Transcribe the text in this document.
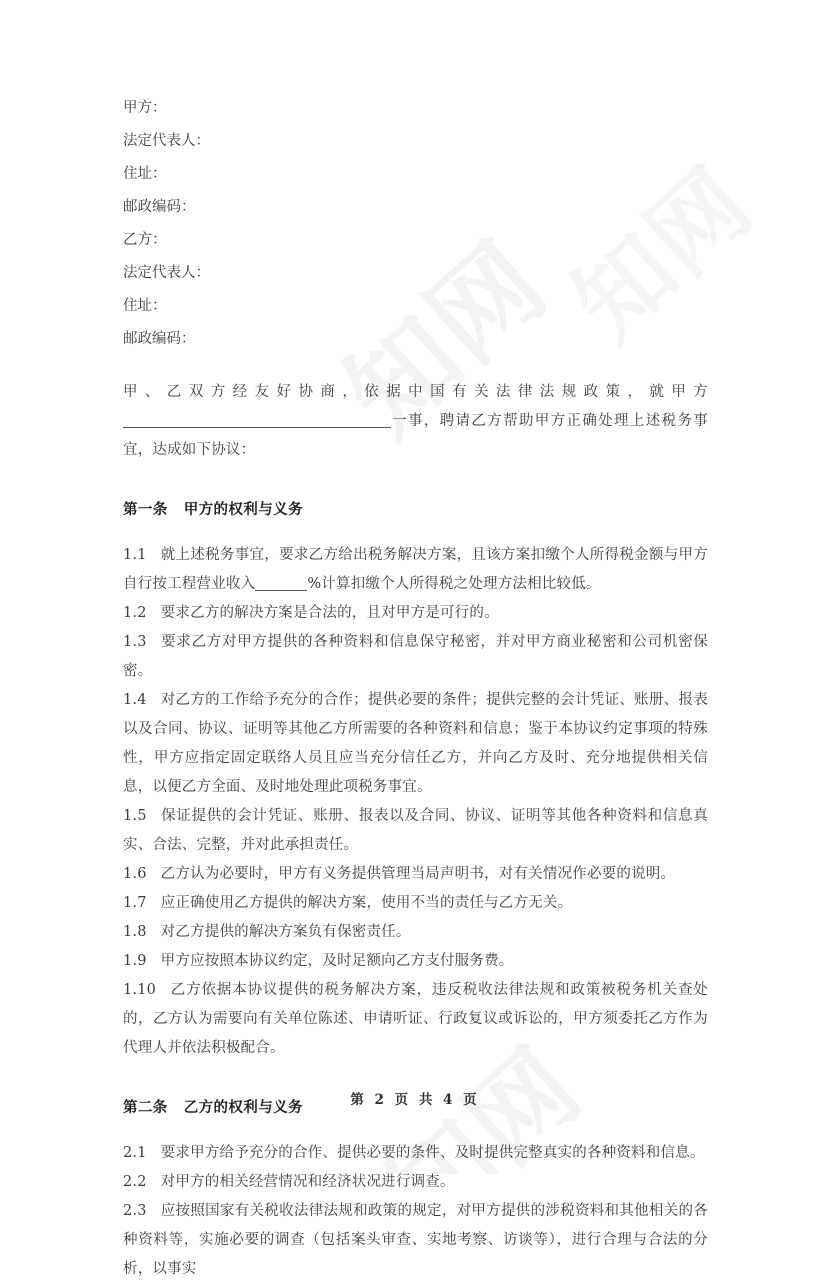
甲方：
法定代表人：
住址：
邮政编码：
乙方：
法定代表人：
住址：
邮政编码：
甲、乙双方经友好协商，依据中国有关法律法规政策，就甲方一事，聘请乙方帮助甲方正确处理上述税务事宜，达成如下协议：
第一条 甲方的权利与义务
1.1 就上述税务事宜，要求乙方给出税务解决方案，且该方案扣缴个人所得税金额与甲方自行按工程营业收入	%计算扣缴个人所得税之处理方法相比较低。
1.2 要求乙方的解决方案是合法的，且对甲方是可行的。
1.3 要求乙方对甲方提供的各种资料和信息保守秘密，并对甲方商业秘密和公司机密保密。
1.4 对乙方的工作给予充分的合作；提供必要的条件；提供完整的会计凭证、账册、报表以及合同、协议、证明等其他乙方所需要的各种资料和信息；鉴于本协议约定事项的特殊性，甲方应指定固定联络人员且应当充分信任乙方，并向乙方及时、充分地提供相关信息，以便乙方全面、及时地处理此项税务事宜。
1.5 保证提供的会计凭证、账册、报表以及合同、协议、证明等其他各种资料和信息真实、合法、完整，并对此承担责任。
1.6 乙方认为必要时，甲方有义务提供管理当局声明书，对有关情况作必要的说明。
1.7 应正确使用乙方提供的解决方案，使用不当的责任与乙方无关。
1.8 对乙方提供的解决方案负有保密责任。
1.9 甲方应按照本协议约定，及时足额向乙方支付服务费。
1.10 乙方依据本协议提供的税务解决方案，违反税收法律法规和政策被税务机关查处的，乙方认为需要向有关单位陈述、申请听证、行政复议或诉讼的，甲方须委托乙方作为代理人并依法积极配合。
第二条 乙方的权利与义务
2.1 要求甲方给予充分的合作、提供必要的条件、及时提供完整真实的各种资料和信息。
2.2 对甲方的相关经营情况和经济状况进行调查。
2.3 应按照国家有关税收法律法规和政策的规定，对甲方提供的涉税资料和其他相关的各种资料等，实施必要的调查（包括案头审查、实地考察、访谈等），进行合理与合法的分析，以事实
第 2 页 共 4 页
